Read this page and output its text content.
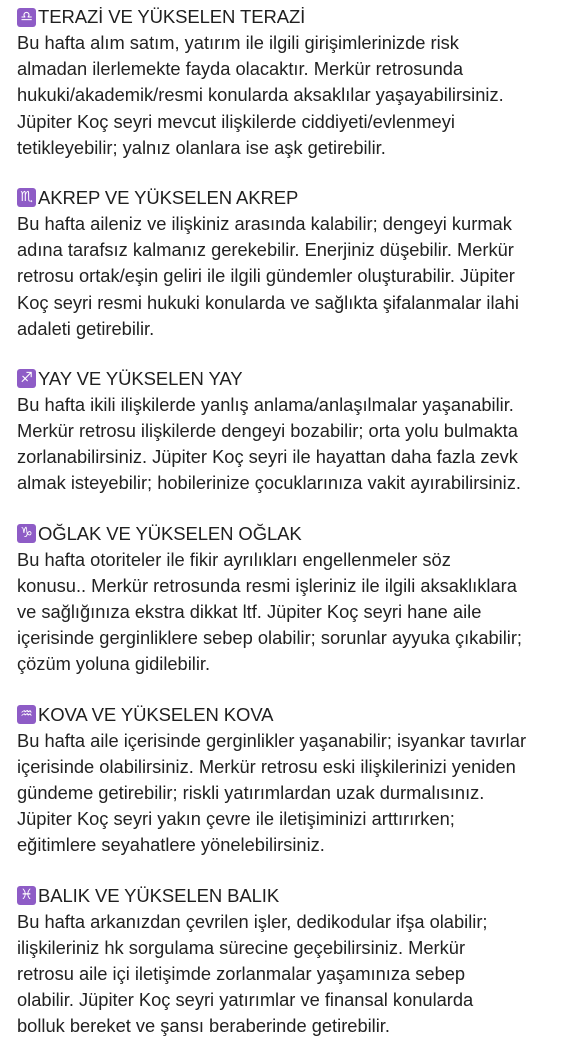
♎ TERAZİ VE YÜKSELEN TERAZİ
Bu hafta alım satım, yatırım ile ilgili girişimlerinizde risk
almadan ilerlemekte fayda olacaktır. Merkür retrosunda
hukuki/akademik/resmi konularda aksaklılar yaşayabilirsiniz.
Jüpiter Koç seyri mevcut ilişkilerde ciddiyeti/evlenmeyi
tetikleyebilir; yalnız olanlara ise aşk getirebilir.
♏ AKREP VE YÜKSELEN AKREP
Bu hafta aileniz ve ilişkiniz arasında kalabilir; dengeyi kurmak
adına tarafsız kalmanız gerekebilir. Enerjiniz düşebilir. Merkür
retrosu ortak/eşin geliri ile ilgili gündemler oluşturabilir. Jüpiter
Koç seyri resmi hukuki konularda ve sağlıkta şifalanmalar ilahi
adaleti getirebilir.
♐ YAY VE YÜKSELEN YAY
Bu hafta ikili ilişkilerde yanlış anlama/anlaşılmalar yaşanabilir.
Merkür retrosu ilişkilerde dengeyi bozabilir; orta yolu bulmakta
zorlanabilirsiniz. Jüpiter Koç seyri ile hayattan daha fazla zevk
almak isteyebilir; hobilerinize çocuklarınıza vakit ayırabilirsiniz.
♑ OĞLAK VE YÜKSELEN OĞLAK
Bu hafta otoriteler ile fikir ayrılıkları engellenmeler söz
konusu.. Merkür retrosunda resmi işleriniz ile ilgili aksaklıklara
ve sağlığınıza ekstra dikkat ltf. Jüpiter Koç seyri hane aile
içerisinde gerginliklere sebep olabilir; sorunlar ayyuka çıkabilir;
çözüm yoluna gidilebilir.
♒ KOVA VE YÜKSELEN KOVA
Bu hafta aile içerisinde gerginlikler yaşanabilir; isyankar tavırlar
içerisinde olabilirsiniz. Merkür retrosu eski ilişkilerinizi yeniden
gündeme getirebilir; riskli yatırımlardan uzak durmalısınız.
Jüpiter Koç seyri yakın çevre ile iletişiminizi arttırırken;
eğitimlere seyahatlere yönelebilirsiniz.
♓ BALIK VE YÜKSELEN BALIK
Bu hafta arkanızdan çevrilen işler, dedikodular ifşa olabilir;
ilişkileriniz hk sorgulama sürecine geçebilirsiniz. Merkür
retrosu aile içi iletişimde zorlanmalar yaşamınıza sebep
olabilir. Jüpiter Koç seyri yatırımlar ve finansal konularda
bolluk bereket ve şansı beraberinde getirebilir.
